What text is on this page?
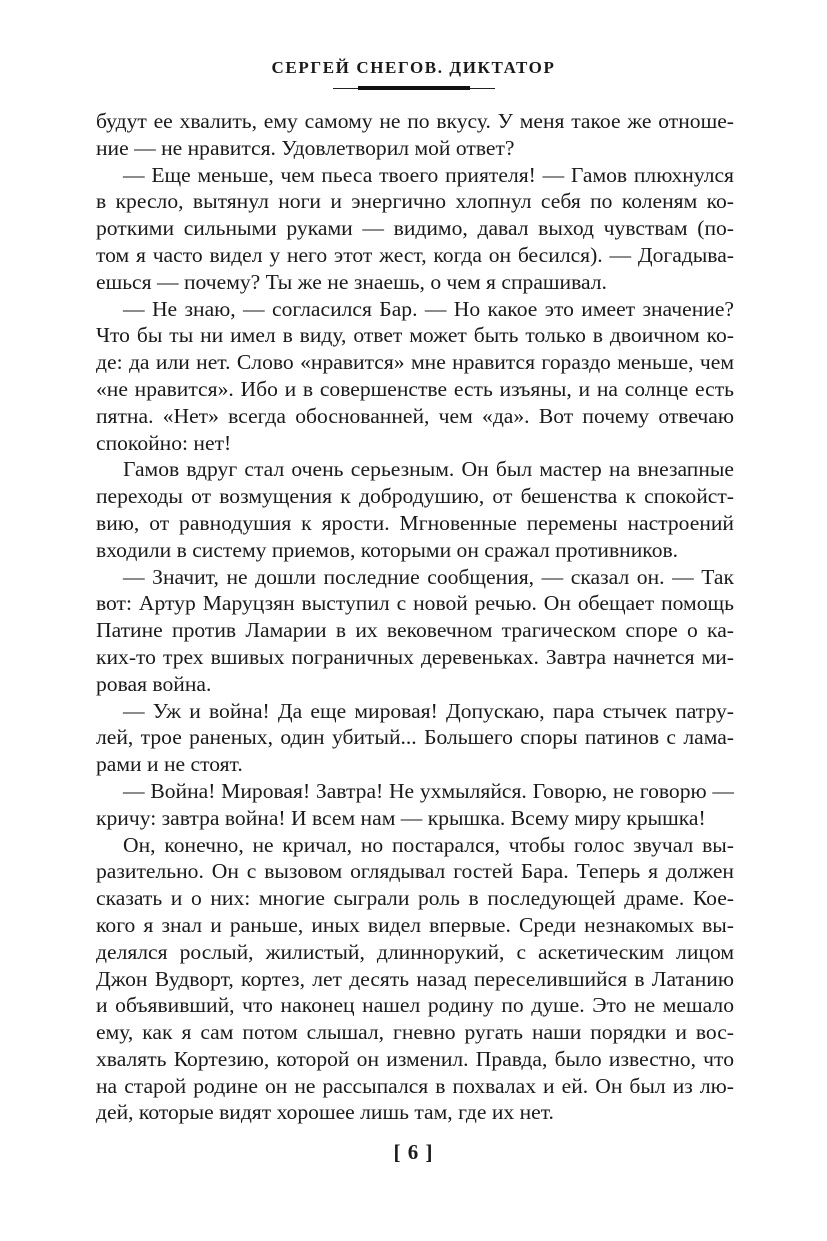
СЕРГЕЙ СНЕГОВ. ДИКТАТОР
будут ее хвалить, ему самому не по вкусу. У меня такое же отноше-
ние — не нравится. Удовлетворил мой ответ?
— Еще меньше, чем пьеса твоего приятеля! — Гамов плюхнулся
в кресло, вытянул ноги и энергично хлопнул себя по коленям ко-
роткими сильными руками — видимо, давал выход чувствам (по-
том я часто видел у него этот жест, когда он бесился). — Догадыва-
ешься — почему? Ты же не знаешь, о чем я спрашивал.
— Не знаю, — согласился Бар. — Но какое это имеет значение?
Что бы ты ни имел в виду, ответ может быть только в двоичном ко-
де: да или нет. Слово «нравится» мне нравится гораздо меньше, чем
«не нравится». Ибо и в совершенстве есть изъяны, и на солнце есть
пятна. «Нет» всегда обоснованней, чем «да». Вот почему отвечаю
спокойно: нет!
Гамов вдруг стал очень серьезным. Он был мастер на внезапные
переходы от возмущения к добродушию, от бешенства к спокойст-
вию, от равнодушия к ярости. Мгновенные перемены настроений
входили в систему приемов, которыми он сражал противников.
— Значит, не дошли последние сообщения, — сказал он. — Так
вот: Артур Маруцзян выступил с новой речью. Он обещает помощь
Патине против Ламарии в их вековечном трагическом споре о ка-
ких-то трех вшивых пограничных деревеньках. Завтра начнется ми-
ровая война.
— Уж и война! Да еще мировая! Допускаю, пара стычек патру-
лей, трое раненых, один убитый... Большего споры патинов с лама-
рами и не стоят.
— Война! Мировая! Завтра! Не ухмыляйся. Говорю, не говорю —
кричу: завтра война! И всем нам — крышка. Всему миру крышка!
Он, конечно, не кричал, но постарался, чтобы голос звучал вы-
разительно. Он с вызовом оглядывал гостей Бара. Теперь я должен
сказать и о них: многие сыграли роль в последующей драме. Кое-
кого я знал и раньше, иных видел впервые. Среди незнакомых вы-
делялся рослый, жилистый, длиннорукий, с аскетическим лицом
Джон Вудворт, кортез, лет десять назад переселившийся в Латанию
и объявивший, что наконец нашел родину по душе. Это не мешало
ему, как я сам потом слышал, гневно ругать наши порядки и вос-
хвалять Кортезию, которой он изменил. Правда, было известно, что
на старой родине он не рассыпался в похвалах и ей. Он был из лю-
дей, которые видят хорошее лишь там, где их нет.
[ 6 ]
